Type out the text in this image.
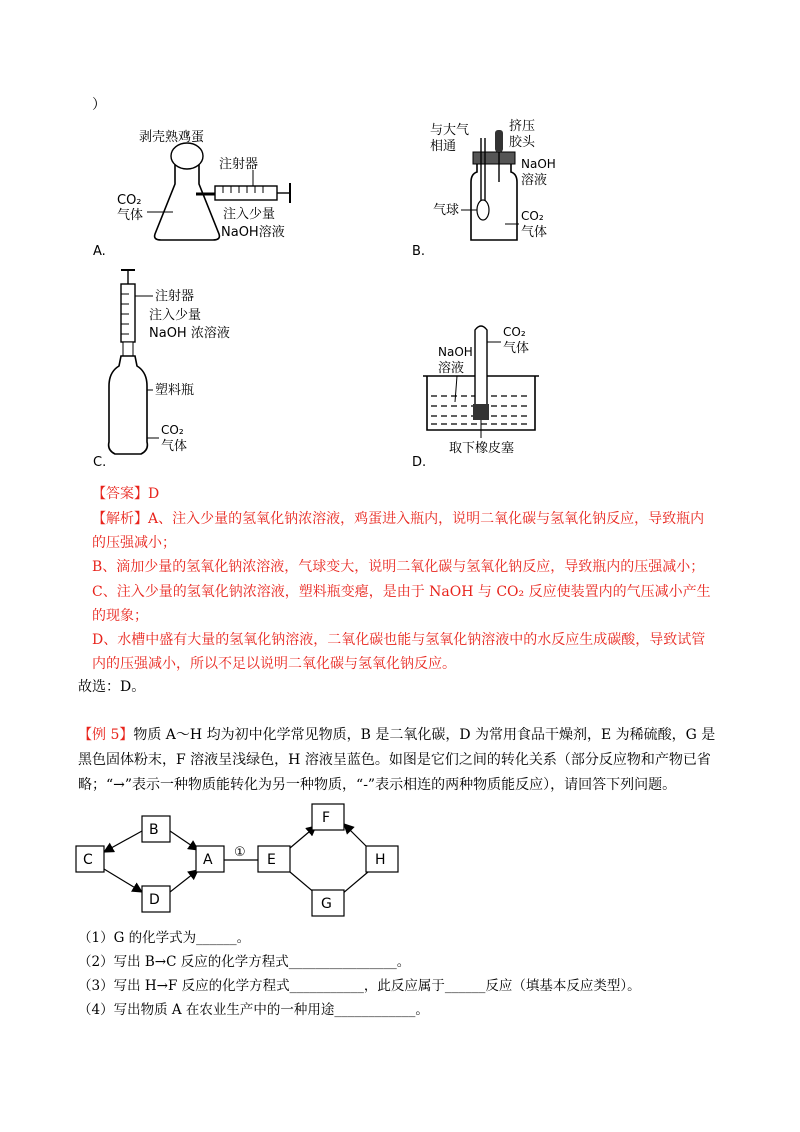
）
A.
剥壳熟鸡蛋
注射器
CO₂
气体	注入少量
NaOH溶液
B.
与大气
相通
挤压
胶头
NaOH
溶液
气球	CO₂
气体
C.
注射器
注入少量
NaOH 浓溶液
塑料瓶
CO₂
气体
D.
NaOH
溶液
CO₂
气体
取下橡皮塞
【答案】D
【解析】A、注入少量的氢氧化钠浓溶液，鸡蛋进入瓶内，说明二氧化碳与氢氧化钠反应，导致瓶内的压强减小；
B、滴加少量的氢氧化钠浓溶液，气球变大，说明二氧化碳与氢氧化钠反应，导致瓶内的压强减小；
C、注入少量的氢氧化钠浓溶液，塑料瓶变瘪，是由于 NaOH 与 CO₂ 反应使装置内的气压减小产生的现象；
D、水槽中盛有大量的氢氧化钠溶液，二氧化碳也能与氢氧化钠溶液中的水反应生成碳酸，导致试管内的压强减小，所以不足以说明二氧化碳与氢氧化钠反应。
故选：D。
【例 5】物质 A～H 均为初中化学常见物质，B 是二氧化碳，D 为常用食品干燥剂，E 为稀硫酸，G 是黑色固体粉末，F 溶液呈浅绿色，H 溶液呈蓝色。如图是它们之间的转化关系（部分反应物和产物已省略；“→”表示一种物质能转化为另一种物质，“-”表示相连的两种物质能反应），请回答下列问题。
①
B
C
D
A	E
F
G
H
（1）G 的化学式为______。
（2）写出 B→C 反应的化学方程式________________。
（3）写出 H→F 反应的化学方程式___________，此反应属于______反应（填基本反应类型）。
（4）写出物质 A 在农业生产中的一种用途____________。
